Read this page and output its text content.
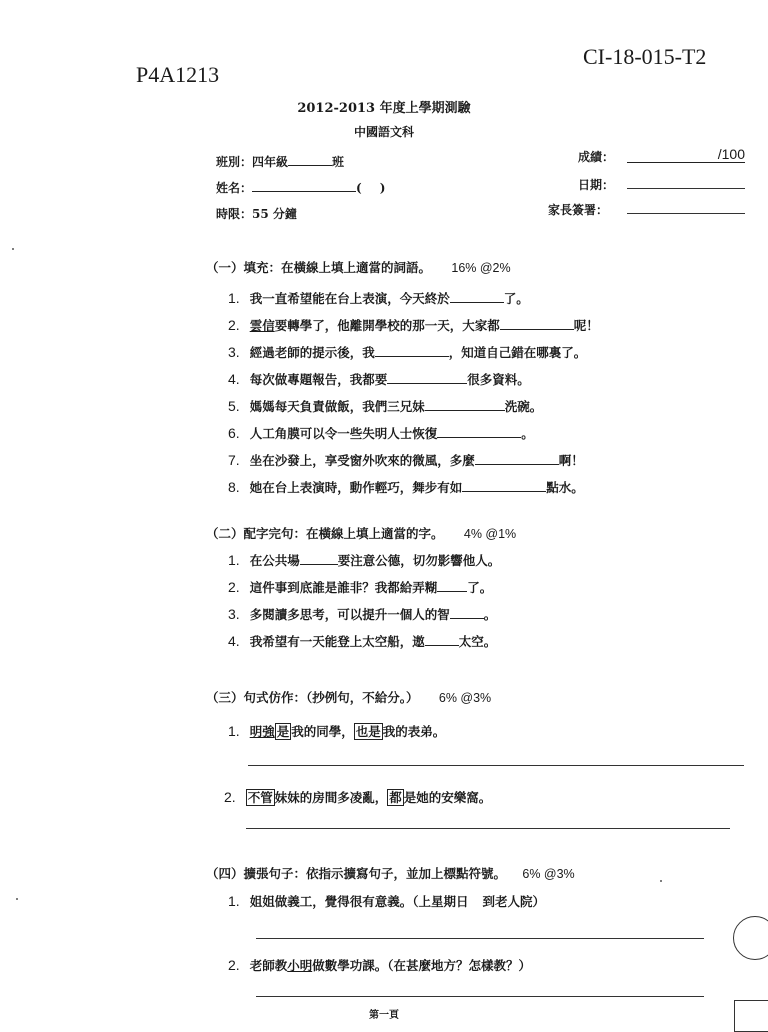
P4A1213
CI-18-015-T2
2012-2013 年度上學期測驗
中國語文科
班別：四年級	班
姓名：	( )
時限：55 分鐘
成績：	/100
日期：
家長簽署：
（一）填充：在橫線上填上適當的詞語。 16% @2%
1. 我一直希望能在台上表演，今天終於	了。
2. 雲信要轉學了，他離開學校的那一天，大家都	呢！
3. 經過老師的提示後，我	，知道自己錯在哪裏了。
4. 每次做專題報告，我都要	很多資料。
5. 媽媽每天負責做飯，我們三兄妹	洗碗。
6. 人工角膜可以令一些失明人士恢復	。
7. 坐在沙發上，享受窗外吹來的微風，多麼	啊！
8. 她在台上表演時，動作輕巧，舞步有如	點水。
（二）配字完句：在橫線上填上適當的字。 4% @1%
1. 在公共場	要注意公德，切勿影響他人。
2. 這件事到底誰是誰非？我都給弄糊 了。
3. 多閱讀多思考，可以提升一個人的智	。
4. 我希望有一天能登上太空船，遨	太空。
（三）句式仿作：（抄例句，不給分。） 6% @3%
1. 明強 是 我的同學， 也是 我的表弟。
2. 不管 妹妹的房間多凌亂， 都 是她的安樂窩。
（四）擴張句子：依指示擴寫句子，並加上標點符號。 6% @3%
1. 姐姐做義工，覺得很有意義。（上星期日 到老人院）
2. 老師教小明做數學功課。（在甚麼地方？怎樣教？）
第一頁
